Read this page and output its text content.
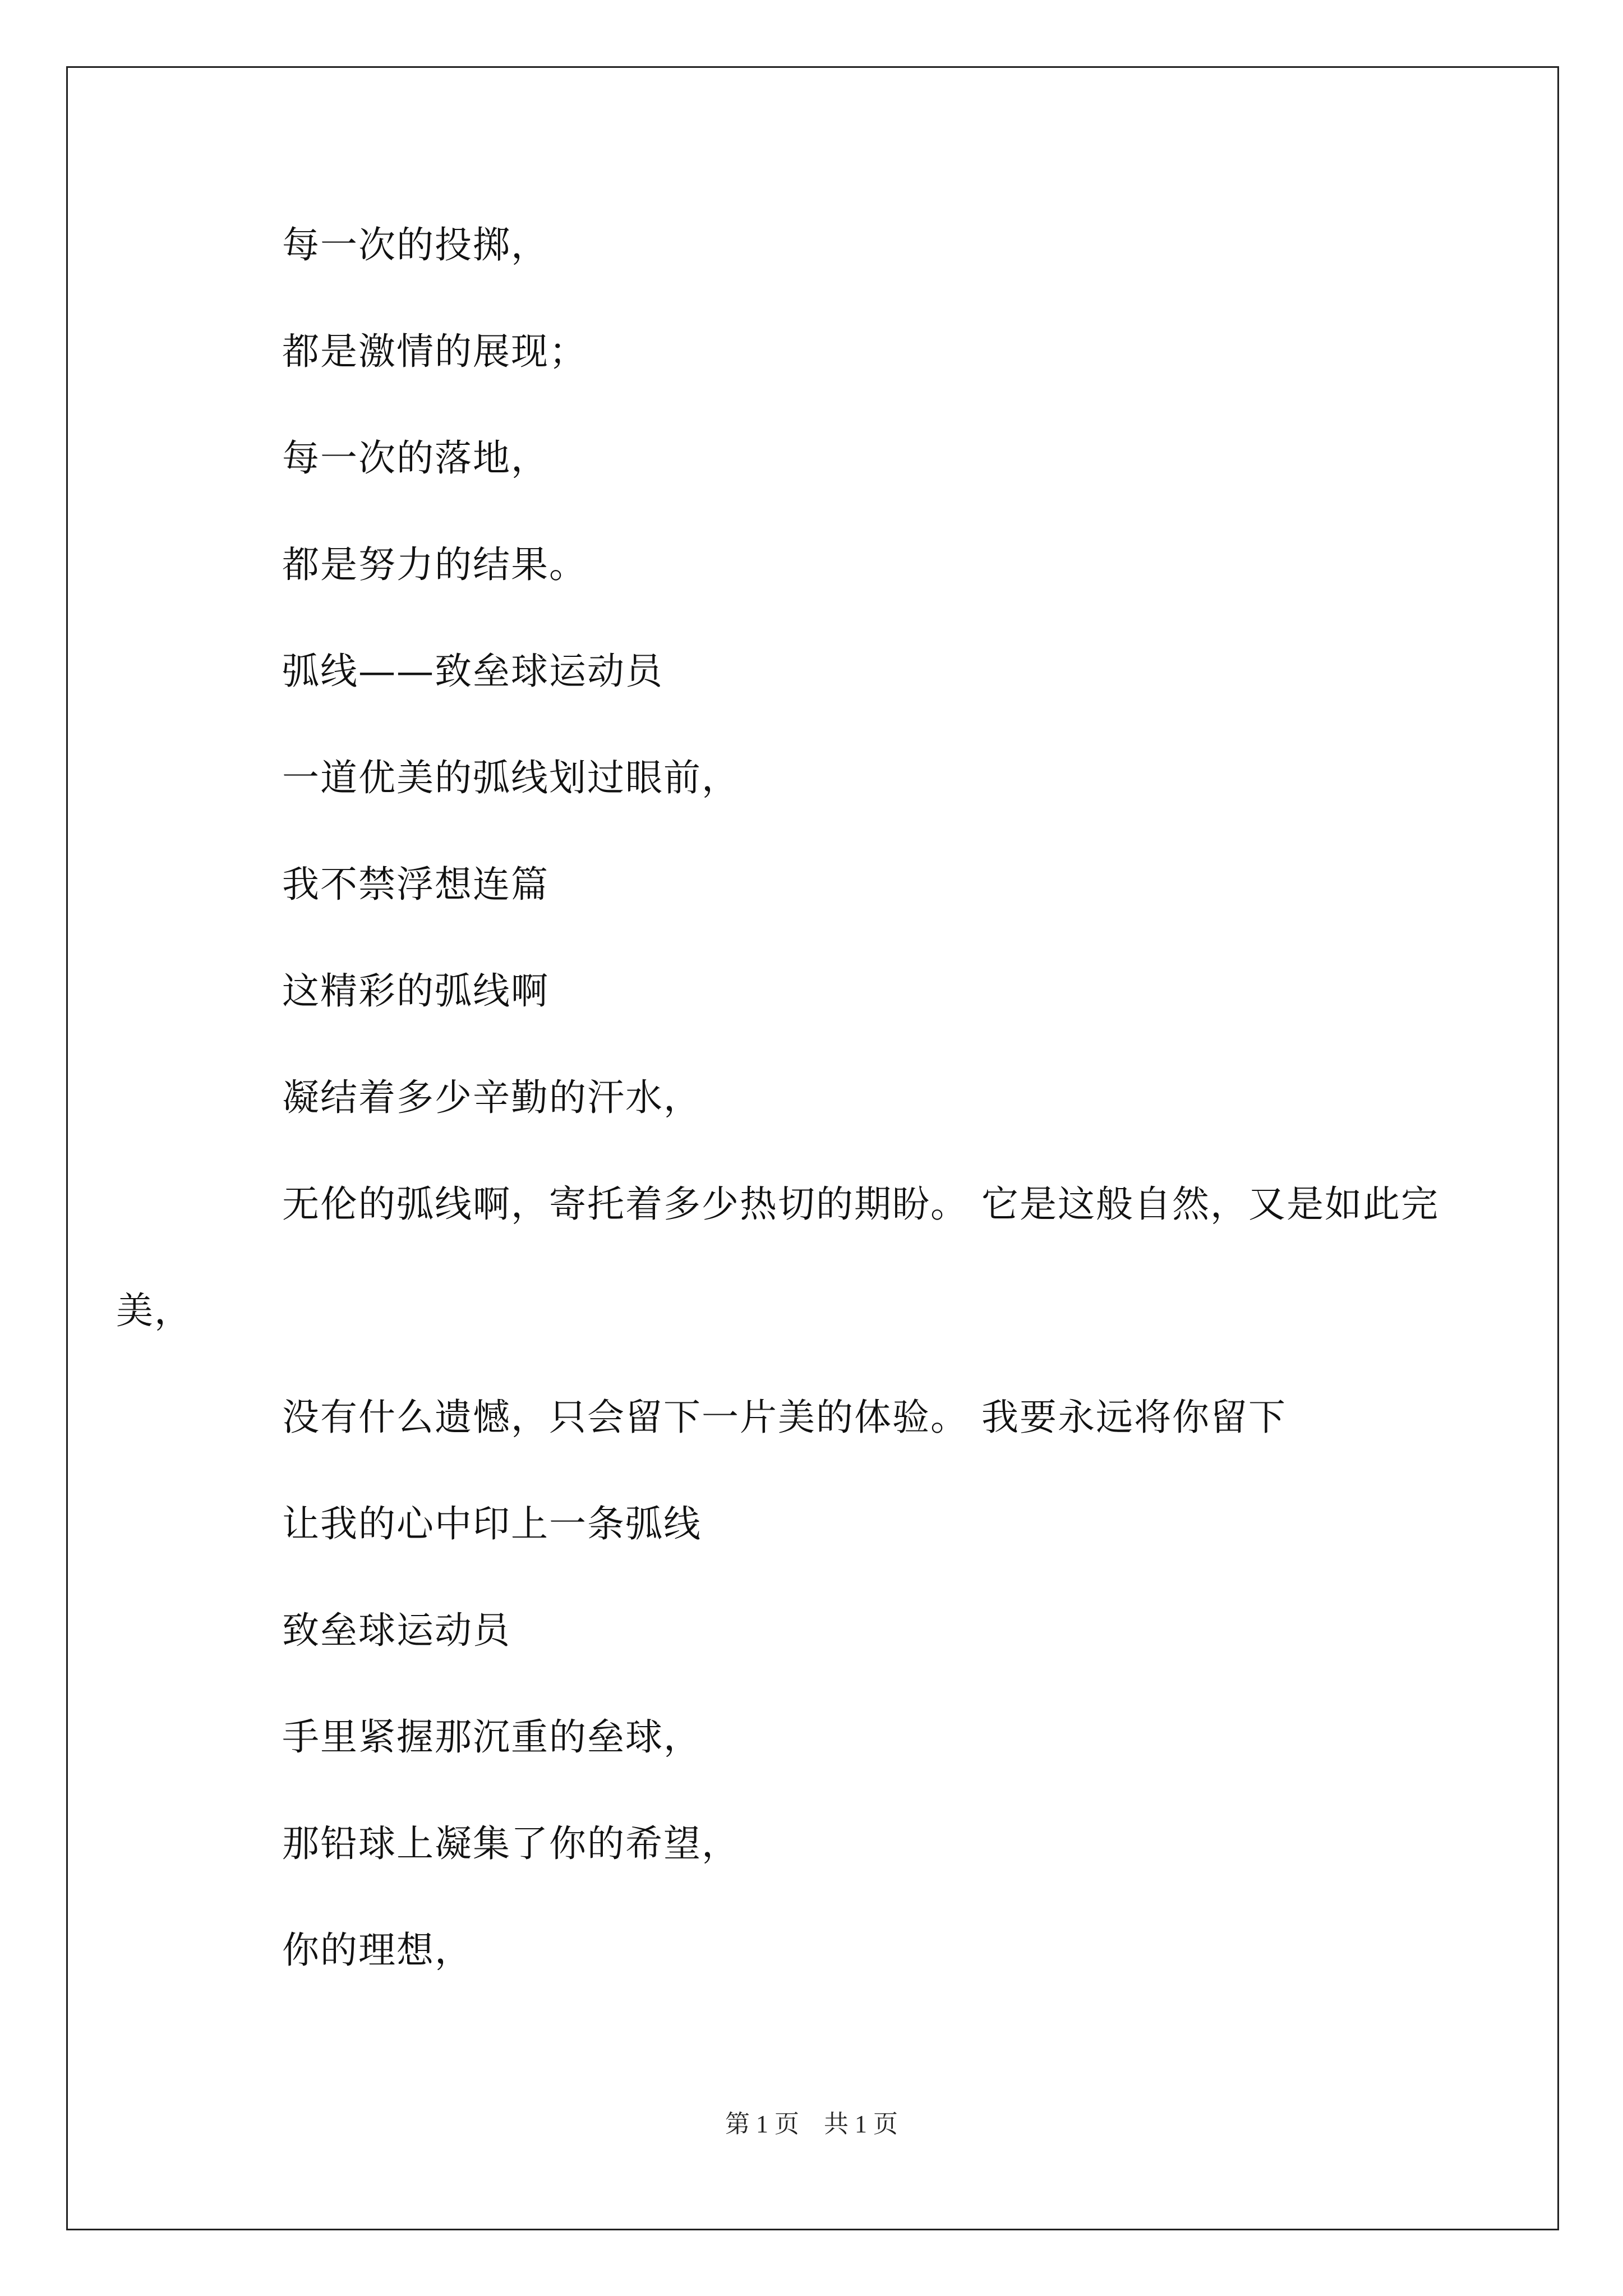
每一次的投掷，

都是激情的展现；

每一次的落地，

都是努力的结果。

弧线——致垒球运动员

一道优美的弧线划过眼前，

我不禁浮想连篇

这精彩的弧线啊

凝结着多少辛勤的汗水，

无伦的弧线啊，寄托着多少热切的期盼。 它是这般自然，又是如此完美，

没有什么遗憾，只会留下一片美的体验。 我要永远将你留下

让我的心中印上一条弧线

致垒球运动员

手里紧握那沉重的垒球，

那铅球上凝集了你的希望，

你的理想，

第 1 页　共 1 页
